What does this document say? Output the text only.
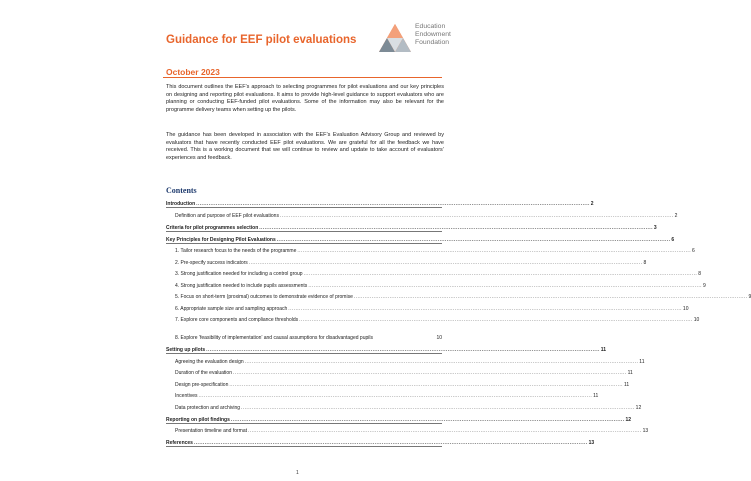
Guidance for EEF pilot evaluations
Education
Endowment
Foundation
October 2023
This document outlines the EEF’s approach to selecting programmes for pilot evaluations and our key principles on designing and reporting pilot evaluations. It aims to provide high-level guidance to support evaluators who are planning or conducting EEF-funded pilot evaluations. Some of the information may also be relevant for the programme delivery teams when setting up the pilots.
The guidance has been developed in association with the EEF’s Evaluation Advisory Group and reviewed by evaluators that have recently conducted EEF pilot evaluations. We are grateful for all the feedback we have received. This is a working document that we will continue to review and update to take account of evaluators’ experiences and feedback.
Contents
Introduction ............................................................................................................................................................................................................................ 2
Definition and purpose of EEF pilot evaluations ............................................................................................................................................................................................................................ 2
Criteria for pilot programmes selection ............................................................................................................................................................................................................................ 3
Key Principles for Designing Pilot Evaluations ............................................................................................................................................................................................................................ 6
1. Tailor research focus to the needs of the programme ............................................................................................................................................................................................................................ 6
2. Pre-specify success indicators ............................................................................................................................................................................................................................ 8
3. Strong justification needed for including a control group ............................................................................................................................................................................................................................ 8
4. Strong justification needed to include pupils assessments ............................................................................................................................................................................................................................ 9
5. Focus on short-term (proximal) outcomes to demonstrate evidence of promise ............................................................................................................................................................................................................................ 9
6. Appropriate sample size and sampling approach ............................................................................................................................................................................................................................ 10
7. Explore core components and compliance thresholds ............................................................................................................................................................................................................................ 10
8. Explore ‘feasibility of implementation’ and causal assumptions for disadvantaged pupils	10
Setting up pilots ............................................................................................................................................................................................................................ 11
Agreeing the evaluation design ............................................................................................................................................................................................................................ 11
Duration of the evaluation ............................................................................................................................................................................................................................ 11
Design pre-specification ............................................................................................................................................................................................................................ 11
Incentives ............................................................................................................................................................................................................................ 11
Data protection and archiving ............................................................................................................................................................................................................................ 12
Reporting on pilot findings ............................................................................................................................................................................................................................ 12
Presentation timeline and format ............................................................................................................................................................................................................................ 13
References ............................................................................................................................................................................................................................ 13
1
